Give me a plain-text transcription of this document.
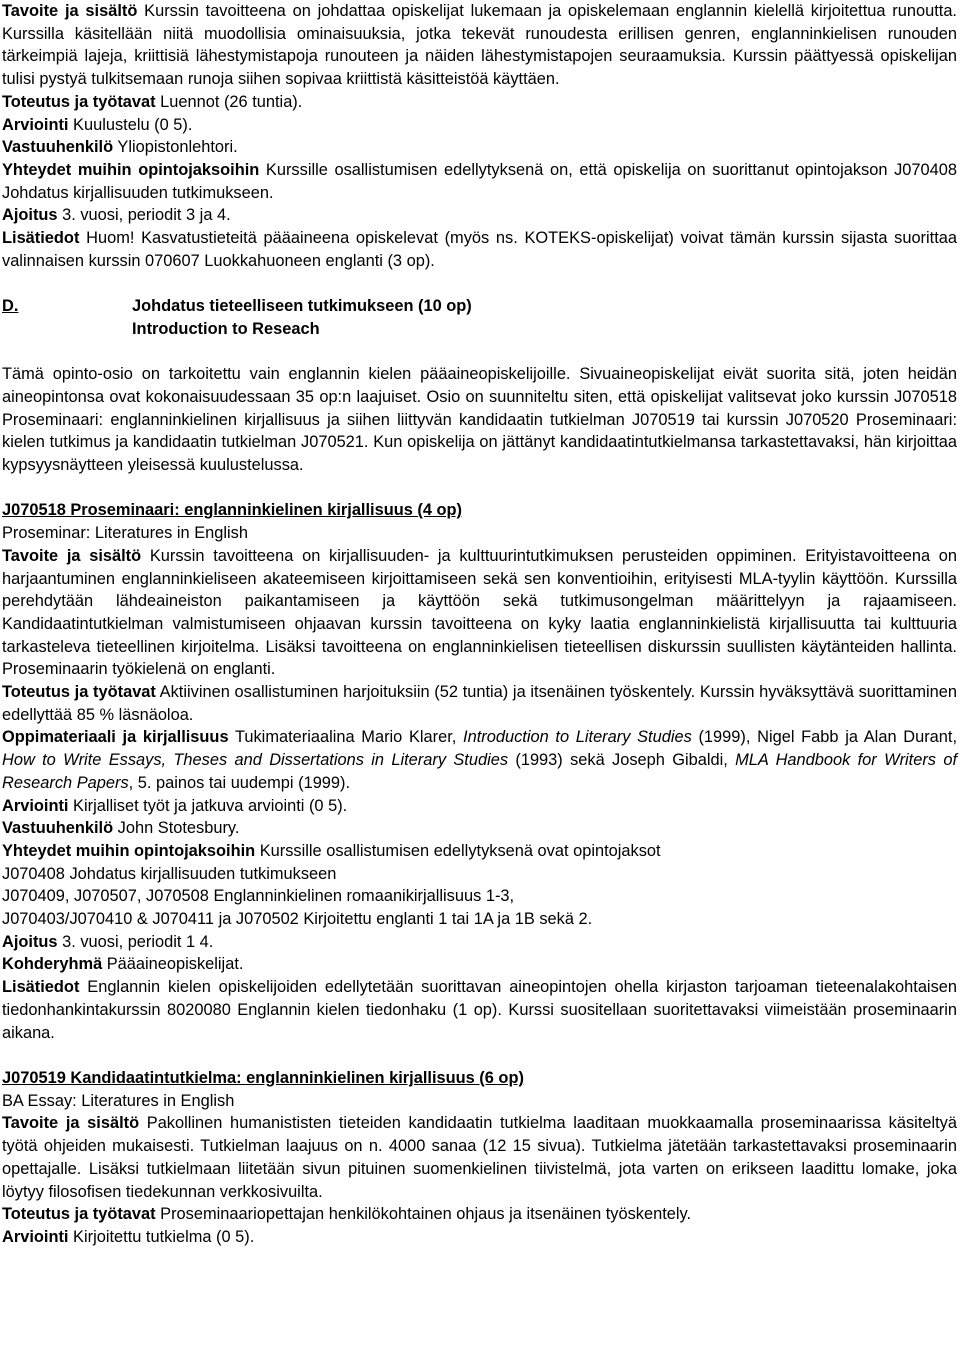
Tavoite ja sisältö Kurssin tavoitteena on johdattaa opiskelijat lukemaan ja opiskelemaan englannin kielellä kirjoitettua runoutta. Kurssilla käsitellään niitä muodollisia ominaisuuksia, jotka tekevät runoudesta erillisen genren, englanninkielisen runouden tärkeimpiä lajeja, kriittisiä lähestymistapoja runouteen ja näiden lähestymistapojen seuraamuksia. Kurssin päättyessä opiskelijan tulisi pystyä tulkitsemaan runoja siihen sopivaa kriittistä käsitteistöä käyttäen.

Toteutus ja työtavat Luennot (26 tuntia).

Arviointi Kuulustelu (0 5).

Vastuuhenkilö Yliopistonlehtori.

Yhteydet muihin opintojaksoihin Kurssille osallistumisen edellytyksenä on, että opiskelija on suorittanut opintojakson J070408 Johdatus kirjallisuuden tutkimukseen.

Ajoitus 3. vuosi, periodit 3 ja 4.

Lisätiedot Huom! Kasvatustieteitä pääaineena opiskelevat (myös ns. KOTEKS-opiskelijat) voivat tämän kurssin sijasta suorittaa valinnaisen kurssin 070607 Luokkahuoneen englanti (3 op).

D.	Johdatus tieteelliseen tutkimukseen (10 op)
Introduction to Reseach

Tämä opinto-osio on tarkoitettu vain englannin kielen pääaineopiskelijoille. Sivuaineopiskelijat eivät suorita sitä, joten heidän aineopintonsa ovat kokonaisuudessaan 35 op:n laajuiset. Osio on suunniteltu siten, että opiskelijat valitsevat joko kurssin J070518 Proseminaari: englanninkielinen kirjallisuus ja siihen liittyvän kandidaatin tutkielman J070519 tai kurssin J070520 Proseminaari: kielen tutkimus ja kandidaatin tutkielman J070521. Kun opiskelija on jättänyt kandidaatintutkielmansa tarkastettavaksi, hän kirjoittaa kypsyysnäytteen yleisessä kuulustelussa.

J070518 Proseminaari: englanninkielinen kirjallisuus (4 op)

Proseminar: Literatures in English

Tavoite ja sisältö Kurssin tavoitteena on kirjallisuuden- ja kulttuurintutkimuksen perusteiden oppiminen. Erityistavoitteena on harjaantuminen englanninkieliseen akateemiseen kirjoittamiseen sekä sen konventioihin, erityisesti MLA-tyylin käyttöön. Kurssilla perehdytään lähdeaineiston paikantamiseen ja käyttöön sekä tutkimusongelman määrittelyyn ja rajaamiseen. Kandidaatintutkielman valmistumiseen ohjaavan kurssin tavoitteena on kyky laatia englanninkielistä kirjallisuutta tai kulttuuria tarkasteleva tieteellinen kirjoitelma. Lisäksi tavoitteena on englanninkielisen tieteellisen diskurssin suullisten käytänteiden hallinta. Proseminaarin työkielenä on englanti.

Toteutus ja työtavat Aktiivinen osallistuminen harjoituksiin (52 tuntia) ja itsenäinen työskentely. Kurssin hyväksyttävä suorittaminen edellyttää 85 % läsnäoloa.

Oppimateriaali ja kirjallisuus Tukimateriaalina Mario Klarer, Introduction to Literary Studies (1999), Nigel Fabb ja Alan Durant, How to Write Essays, Theses and Dissertations in Literary Studies (1993) sekä Joseph Gibaldi, MLA Handbook for Writers of Research Papers, 5. painos tai uudempi (1999).

Arviointi Kirjalliset työt ja jatkuva arviointi (0 5).

Vastuuhenkilö John Stotesbury.

Yhteydet muihin opintojaksoihin Kurssille osallistumisen edellytyksenä ovat opintojaksot

J070408 Johdatus kirjallisuuden tutkimukseen

J070409, J070507, J070508 Englanninkielinen romaanikirjallisuus 1-3,

J070403/J070410 & J070411 ja J070502 Kirjoitettu englanti 1 tai 1A ja 1B sekä 2.

Ajoitus 3. vuosi, periodit 1 4.

Kohderyhmä Pääaineopiskelijat.

Lisätiedot Englannin kielen opiskelijoiden edellytetään suorittavan aineopintojen ohella kirjaston tarjoaman tieteenalakohtaisen tiedonhankintakurssin 8020080 Englannin kielen tiedonhaku (1 op). Kurssi suositellaan suoritettavaksi viimeistään proseminaarin aikana.

J070519 Kandidaatintutkielma: englanninkielinen kirjallisuus (6 op)

BA Essay: Literatures in English

Tavoite ja sisältö Pakollinen humanististen tieteiden kandidaatin tutkielma laaditaan muokkaamalla proseminaarissa käsiteltyä työtä ohjeiden mukaisesti. Tutkielman laajuus on n. 4000 sanaa (12 15 sivua). Tutkielma jätetään tarkastettavaksi proseminaarin opettajalle. Lisäksi tutkielmaan liitetään sivun pituinen suomenkielinen tiivistelmä, jota varten on erikseen laadittu lomake, joka löytyy filosofisen tiedekunnan verkkosivuilta.

Toteutus ja työtavat Proseminaariopettajan henkilökohtainen ohjaus ja itsenäinen työskentely.

Arviointi Kirjoitettu tutkielma (0 5).
